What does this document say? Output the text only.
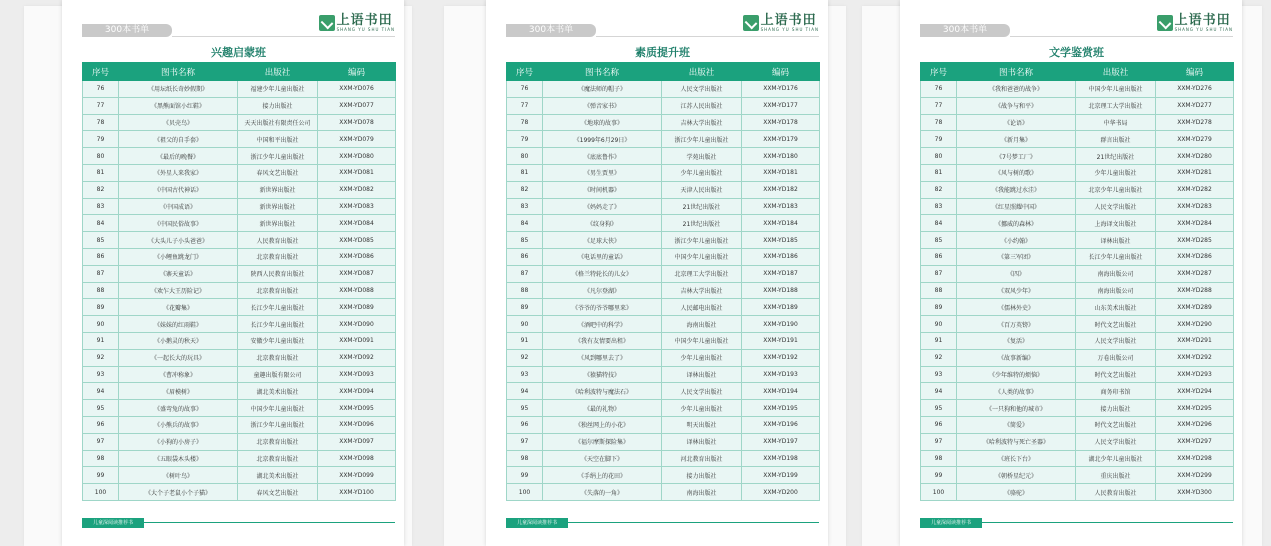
300本书单
上语书田
SHANG YU SHU TIAN
兴趣启蒙班
序号	图书名称	出版社	编码
76	《用坛纸长奇妙假期》	福建少年儿童出版社	XXM-YD076
77	《黑熊面馆小红鞋》	接力出版社	XXM-YD077
78	《贝壳鸟》	天天出版社有限责任公司	XXM-YD078
79	《祖父的自手套》	中国和平出版社	XXM-YD079
80	《最后的晚餐》	浙江少年儿童出版社	XXM-YD080
81	《外星人来我家》	春风文艺出版社	XXM-YD081
82	《中国古代神话》	新世界出版社	XXM-YD082
83	《中国成语》	新世界出版社	XXM-YD083
84	《中国民俗故事》	新世界出版社	XXM-YD084
85	《大头儿子小头爸爸》	人民教育出版社	XXM-YD085
86	《小鲤鱼跳龙门》	北京教育出版社	XXM-YD086
87	《寨天童话》	陕西人民教育出版社	XXM-YD087
88	《欢乍大王历险记》	北京教育出版社	XXM-YD088
89	《花瓣集》	长江少年儿童出版社	XXM-YD089
90	《妹妹的红雨鞋》	长江少年儿童出版社	XXM-YD090
91	《小鹅灵的秋天》	安徽少年儿童出版社	XXM-YD091
92	《一起长大的玩具》	北京教育出版社	XXM-YD092
93	《曹冲称象》	童趣出版有限公司	XXM-YD093
94	《眉模树》	湖北美术出版社	XXM-YD094
95	《盛弯兔的故事》	中国少年儿童出版社	XXM-YD095
96	《小熊兵的故事》	浙江少年儿童出版社	XXM-YD096
97	《小狗的小房子》	北京教育出版社	XXM-YD097
98	《五眼袋木头楼》	北京教育出版社	XXM-YD098
99	《树叶鸟》	湖北美术出版社	XXM-YD099
100	《大个子老鼠小个子猫》	春风文艺出版社	XXM-YD100
儿童深阅读推荐书
300本书单
上语书田
SHANG YU SHU TIAN
素质提升班
序号	图书名称	出版社	编码
76	《魔法师的帽子》	人民文学出版社	XXM-YD176
77	《弹音家书》	江苏人民出版社	XXM-YD177
78	《地球的故事》	吉林大学出版社	XXM-YD178
79	《1999年6月29日》	浙江少年儿童出版社	XXM-YD179
80	《底底鲁作》	学苑出版社	XXM-YD180
81	《男生贾里》	少年儿童出版社	XXM-YD181
82	《时间机器》	天津人民出版社	XXM-YD182
83	《妈妈走了》	21世纪出版社	XXM-YD183
84	《纹身狗》	21世纪出版社	XXM-YD184
85	《足球大侠》	浙江少年儿童出版社	XXM-YD185
86	《电话里的童话》	中国少年儿童出版社	XXM-YD186
87	《格兰特轮长的儿女》	北京理工大学出版社	XXM-YD187
88	《凡尔登湖》	吉林大学出版社	XXM-YD188
89	《爷爷的爷爷哪里来》	人民邮电出版社	XXM-YD189
90	《酒吧中的科学》	海南出版社	XXM-YD190
91	《我有友情要出租》	中国少年儿童出版社	XXM-YD191
92	《风到哪里去了》	少年儿童出版社	XXM-YD192
93	《猿猫特技》	译林出版社	XXM-YD193
94	《哈利波特与魔法石》	人民文学出版社	XXM-YD194
95	《最的礼物》	少年儿童出版社	XXM-YD195
96	《独丝网上的小花》	明天出版社	XXM-YD196
97	《福尔摩斯探险集》	译林出版社	XXM-YD197
98	《天空在脚下》	河北教育出版社	XXM-YD198
99	《手绢上的花田》	接力出版社	XXM-YD199
100	《失落的一角》	南海出版社	XXM-YD200
儿童深阅读推荐书
300本书单
上语书田
SHANG YU SHU TIAN
文学鉴赏班
序号	图书名称	出版社	编码
76	《我和爸爸的战争》	中国少年儿童出版社	XXM-YD276
77	《战争与和平》	北京理工大学出版社	XXM-YD277
78	《论语》	中华书局	XXM-YD278
79	《新月集》	群言出版社	XXM-YD279
80	《7号梦工厂》	21世纪出版社	XXM-YD280
81	《风与树的歌》	少年儿童出版社	XXM-YD281
82	《我能跳过水洼》	北京少年儿童出版社	XXM-YD282
83	《红星照耀中国》	人民文学出版社	XXM-YD283
84	《挪威的森林》	上海译文出版社	XXM-YD284
85	《小约翰》	译林出版社	XXM-YD285
86	《第三军团》	长江少年儿童出版社	XXM-YD286
87	《四》	南海出版公司	XXM-YD287
88	《双风少年》	南海出版公司	XXM-YD288
89	《儒林外史》	山东美术出版社	XXM-YD289
90	《百万英镑》	时代文艺出版社	XXM-YD290
91	《复活》	人民文学出版社	XXM-YD291
92	《故事新编》	万卷出版公司	XXM-YD292
93	《少年维特的烦恼》	时代文艺出版社	XXM-YD293
94	《人类的故事》	商务印书馆	XXM-YD294
95	《一只狗和他的城市》	接力出版社	XXM-YD295
96	《简爱》	时代文艺出版社	XXM-YD296
97	《哈利波特与死亡圣器》	人民文学出版社	XXM-YD297
98	《班长下台》	湖北少年儿童出版社	XXM-YD298
99	《朝桥星纪元》	重庆出版社	XXM-YD299
100	《骆驼》	人民教育出版社	XXM-YD300
儿童深阅读推荐书
